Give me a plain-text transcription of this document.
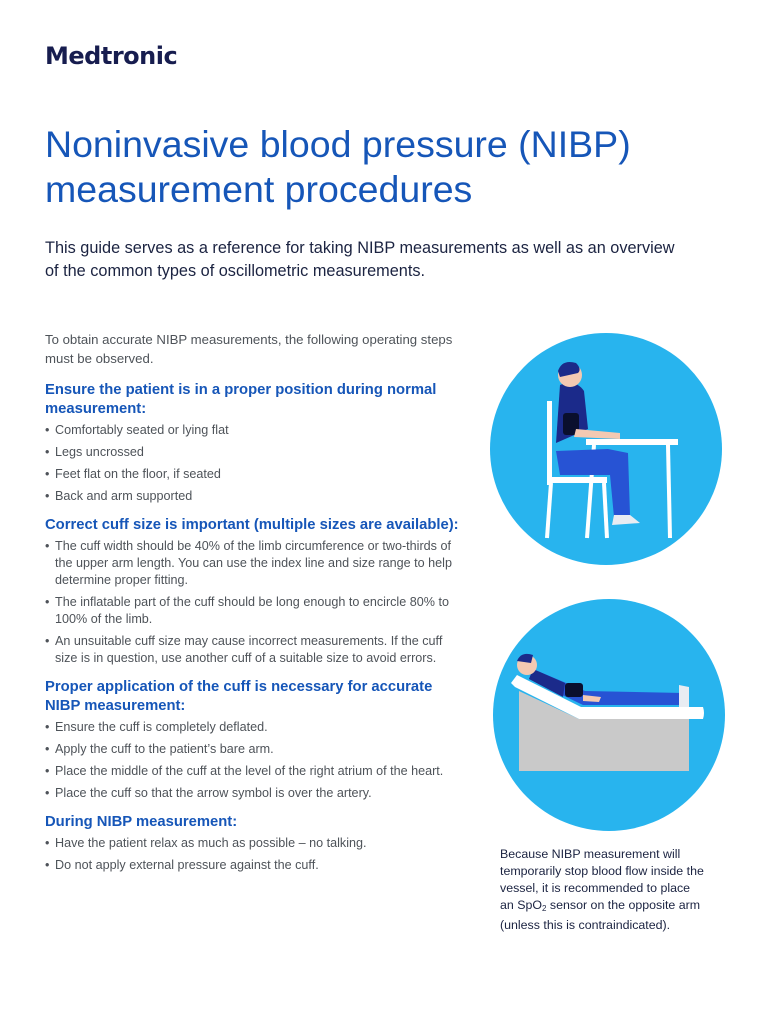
Medtronic
Noninvasive blood pressure (NIBP)
measurement procedures

This guide serves as a reference for taking NIBP measurements as well as an overview
of the common types of oscillometric measurements.

To obtain accurate NIBP measurements, the following operating steps must be observed.

Ensure the patient is in a proper position during normal
measurement:
• Comfortably seated or lying flat
• Legs uncrossed
• Feet flat on the floor, if seated
• Back and arm supported
Correct cuff size is important (multiple sizes are available):
• The cuff width should be 40% of the limb circumference or two-thirds of the upper arm length. You can use the index line and size range to help determine proper fitting.
• The inflatable part of the cuff should be long enough to encircle 80% to 100% of the limb.
• An unsuitable cuff size may cause incorrect measurements. If the cuff size is in question, use another cuff of a suitable size to avoid errors.
Proper application of the cuff is necessary for accurate
NIBP measurement:
• Ensure the cuff is completely deflated.
• Apply the cuff to the patient’s bare arm.
• Place the middle of the cuff at the level of the right atrium of the heart.
• Place the cuff so that the arrow symbol is over the artery.
During NIBP measurement:
• Have the patient relax as much as possible – no talking.
• Do not apply external pressure against the cuff.

Because NIBP measurement will
temporarily stop blood flow inside the
vessel, it is recommended to place
an SpO$_2$ sensor on the opposite arm
(unless this is contraindicated).
